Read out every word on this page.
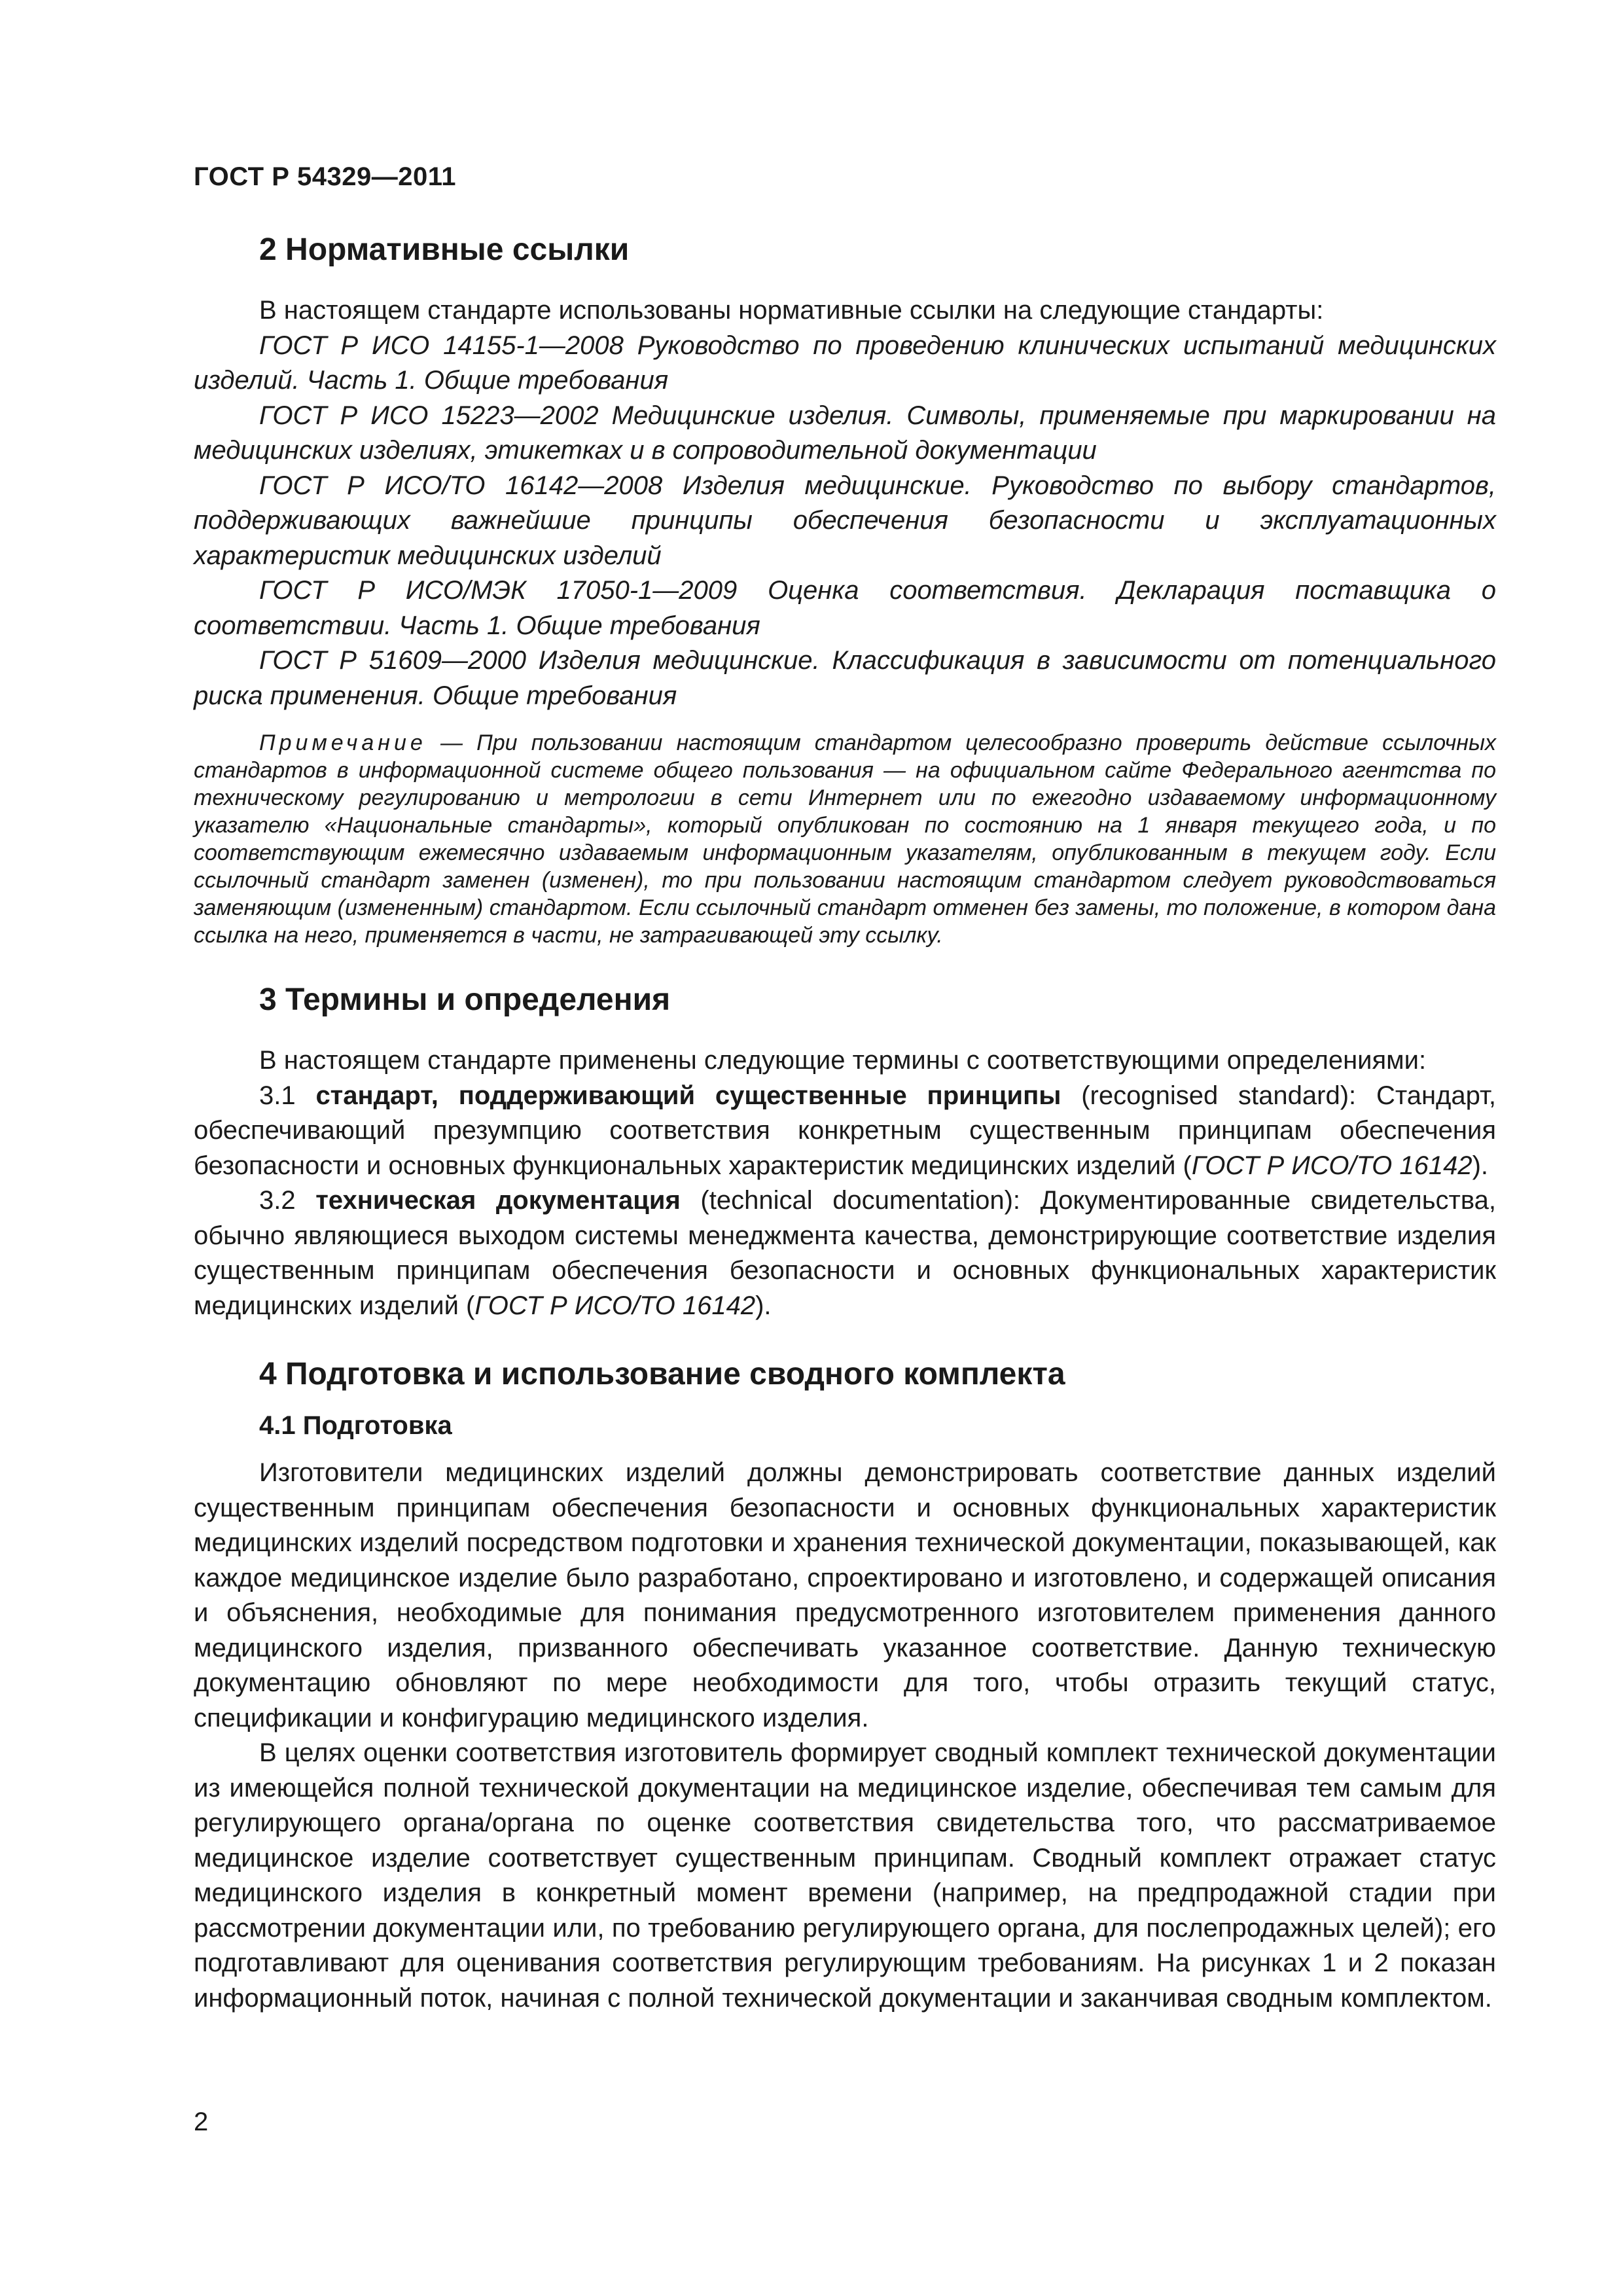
ГОСТ Р 54329—2011
2 Нормативные ссылки

В настоящем стандарте использованы нормативные ссылки на следующие стандарты:

ГОСТ Р ИСО 14155-1—2008 Руководство по проведению клинических испытаний медицинских изделий. Часть 1. Общие требования

ГОСТ Р ИСО 15223—2002 Медицинские изделия. Символы, применяемые при маркировании на медицинских изделиях, этикетках и в сопроводительной документации

ГОСТ Р ИСО/ТО 16142—2008 Изделия медицинские. Руководство по выбору стандартов, поддерживающих важнейшие принципы обеспечения безопасности и эксплуатационных характеристик медицинских изделий

ГОСТ Р ИСО/МЭК 17050-1—2009 Оценка соответствия. Декларация поставщика о соответствии. Часть 1. Общие требования

ГОСТ Р 51609—2000 Изделия медицинские. Классификация в зависимости от потенциального риска применения. Общие требования

Примечание — При пользовании настоящим стандартом целесообразно проверить действие ссылочных стандартов в информационной системе общего пользования — на официальном сайте Федерального агентства по техническому регулированию и метрологии в сети Интернет или по ежегодно издаваемому информационному указателю «Национальные стандарты», который опубликован по состоянию на 1 января текущего года, и по соответствующим ежемесячно издаваемым информационным указателям, опубликованным в текущем году. Если ссылочный стандарт заменен (изменен), то при пользовании настоящим стандартом следует руководствоваться заменяющим (измененным) стандартом. Если ссылочный стандарт отменен без замены, то положение, в котором дана ссылка на него, применяется в части, не затрагивающей эту ссылку.

3 Термины и определения

В настоящем стандарте применены следующие термины с соответствующими определениями:

3.1 стандарт, поддерживающий существенные принципы (recognised standard): Стандарт, обеспечивающий презумпцию соответствия конкретным существенным принципам обеспечения безопасности и основных функциональных характеристик медицинских изделий (ГОСТ Р ИСО/ТО 16142).

3.2 техническая документация (technical documentation): Документированные свидетельства, обычно являющиеся выходом системы менеджмента качества, демонстрирующие соответствие изделия существенным принципам обеспечения безопасности и основных функциональных характеристик медицинских изделий (ГОСТ Р ИСО/ТО 16142).

4 Подготовка и использование сводного комплекта
4.1 Подготовка

Изготовители медицинских изделий должны демонстрировать соответствие данных изделий существенным принципам обеспечения безопасности и основных функциональных характеристик медицинских изделий посредством подготовки и хранения технической документации, показывающей, как каждое медицинское изделие было разработано, спроектировано и изготовлено, и содержащей описания и объяснения, необходимые для понимания предусмотренного изготовителем применения данного медицинского изделия, призванного обеспечивать указанное соответствие. Данную техническую документацию обновляют по мере необходимости для того, чтобы отразить текущий статус, спецификации и конфигурацию медицинского изделия.

В целях оценки соответствия изготовитель формирует сводный комплект технической документации из имеющейся полной технической документации на медицинское изделие, обеспечивая тем самым для регулирующего органа/органа по оценке соответствия свидетельства того, что рассматриваемое медицинское изделие соответствует существенным принципам. Сводный комплект отражает статус медицинского изделия в конкретный момент времени (например, на предпродажной стадии при рассмотрении документации или, по требованию регулирующего органа, для послепродажных целей); его подготавливают для оценивания соответствия регулирующим требованиям. На рисунках 1 и 2 показан информационный поток, начиная с полной технической документации и заканчивая сводным комплектом.

2
